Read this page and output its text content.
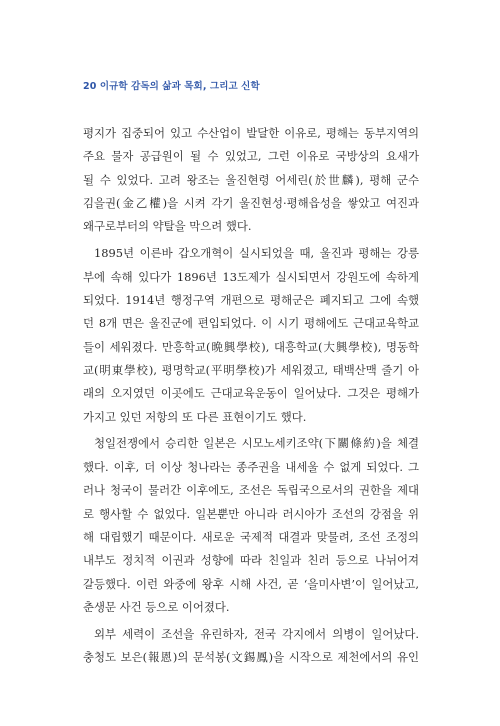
20 이규학 감독의 삶과 목회, 그리고 신학

평지가 집중되어 있고 수산업이 발달한 이유로, 평해는 동부지역의
주요 물자 공급원이 될 수 있었고, 그런 이유로 국방상의 요새가
될 수 있었다. 고려 왕조는 울진현령 어세린(於世麟), 평해 군수
김을권(金乙權)을 시켜 각기 울진현성·평해읍성을 쌓았고 여진과
왜구로부터의 약탈을 막으려 했다.

1895년 이른바 갑오개혁이 실시되었을 때, 울진과 평해는 강릉
부에 속해 있다가 1896년 13도제가 실시되면서 강원도에 속하게
되었다. 1914년 행정구역 개편으로 평해군은 폐지되고 그에 속했
던 8개 면은 울진군에 편입되었다. 이 시기 평해에도 근대교육학교
들이 세워졌다. 만흥학교(晩興學校), 대흥학교(大興學校), 명동학
교(明東學校), 평명학교(平明學校)가 세워졌고, 태백산맥 줄기 아
래의 오지였던 이곳에도 근대교육운동이 일어났다. 그것은 평해가
가지고 있던 저항의 또 다른 표현이기도 했다.

청일전쟁에서 승리한 일본은 시모노세키조약(下關條約)을 체결
했다. 이후, 더 이상 청나라는 종주권을 내세울 수 없게 되었다. 그
러나 청국이 물러간 이후에도, 조선은 독립국으로서의 권한을 제대
로 행사할 수 없었다. 일본뿐만 아니라 러시아가 조선의 강점을 위
해 대립했기 때문이다. 새로운 국제적 대결과 맞물려, 조선 조정의
내부도 정치적 이권과 성향에 따라 친일과 친러 등으로 나뉘어져
갈등했다. 이런 와중에 왕후 시해 사건, 곧 ‘을미사변’이 일어났고,
춘생문 사건 등으로 이어졌다.

외부 세력이 조선을 유린하자, 전국 각지에서 의병이 일어났다.
충청도 보은(報恩)의 문석봉(文錫鳳)을 시작으로 제천에서의 유인
